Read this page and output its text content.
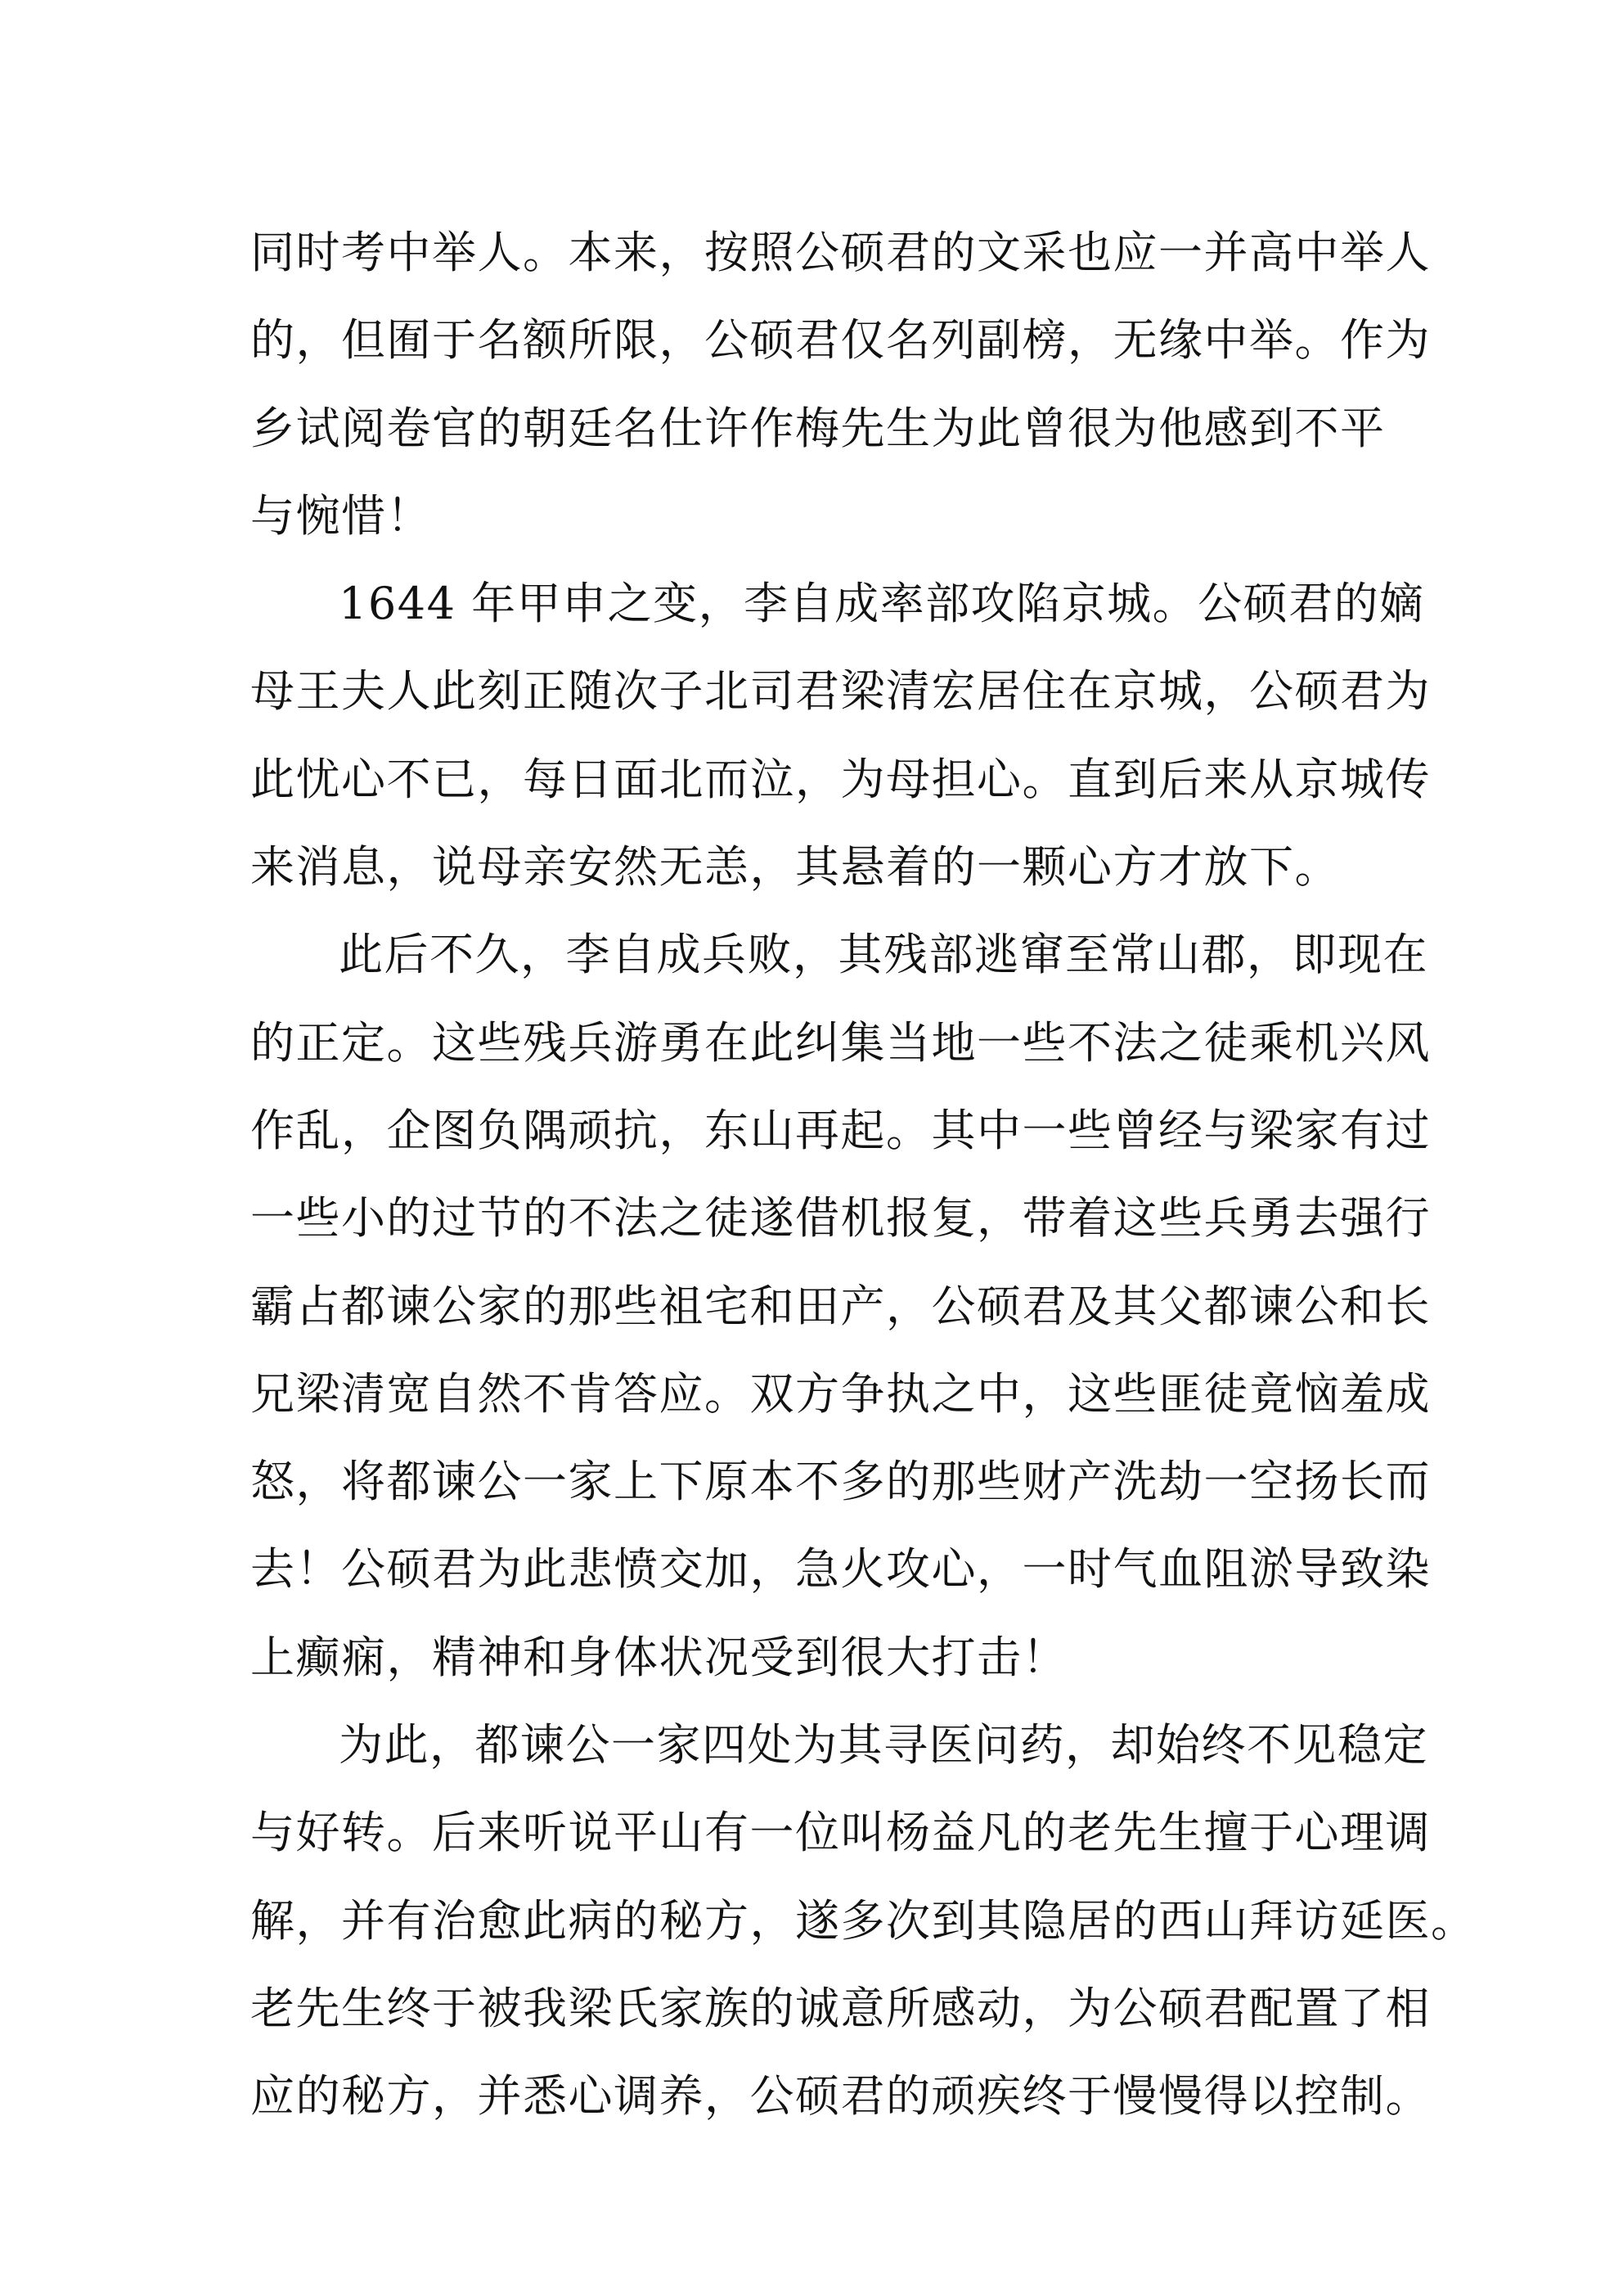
同时考中举人。本来，按照公硕君的文采也应一并高中举人
的，但囿于名额所限，公硕君仅名列副榜，无缘中举。作为
乡试阅卷官的朝廷名仕许作梅先生为此曾很为他感到不平
与惋惜！
1644 年甲申之变，李自成率部攻陷京城。公硕君的嫡
母王夫人此刻正随次子北司君梁清宏居住在京城，公硕君为
此忧心不已，每日面北而泣，为母担心。直到后来从京城传
来消息，说母亲安然无恙，其悬着的一颗心方才放下。
此后不久，李自成兵败，其残部逃窜至常山郡，即现在
的正定。这些残兵游勇在此纠集当地一些不法之徒乘机兴风
作乱，企图负隅顽抗，东山再起。其中一些曾经与梁家有过
一些小的过节的不法之徒遂借机报复，带着这些兵勇去强行
霸占都谏公家的那些祖宅和田产，公硕君及其父都谏公和长
兄梁清宽自然不肯答应。双方争执之中，这些匪徒竟恼羞成
怒，将都谏公一家上下原本不多的那些财产洗劫一空扬长而
去！公硕君为此悲愤交加，急火攻心，一时气血阻淤导致染
上癫痫，精神和身体状况受到很大打击！
为此，都谏公一家四处为其寻医问药，却始终不见稳定
与好转。后来听说平山有一位叫杨益凡的老先生擅于心理调
解，并有治愈此病的秘方，遂多次到其隐居的西山拜访延医。
老先生终于被我梁氏家族的诚意所感动，为公硕君配置了相
应的秘方，并悉心调养，公硕君的顽疾终于慢慢得以控制。
